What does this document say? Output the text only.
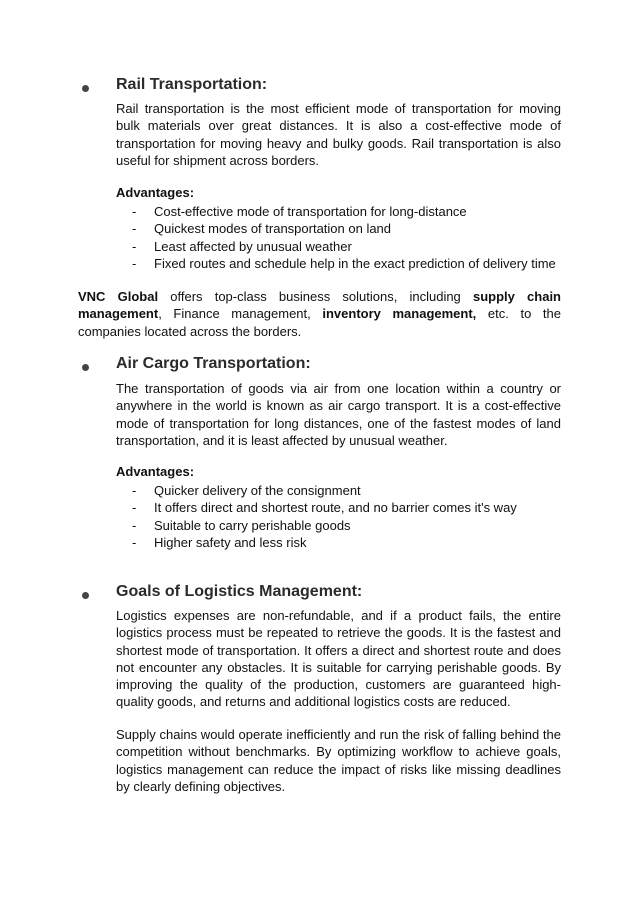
Rail Transportation:
Rail transportation is the most efficient mode of transportation for moving bulk materials over great distances. It is also a cost-effective mode of transportation for moving heavy and bulky goods. Rail transportation is also useful for shipment across borders.
Advantages:
- Cost-effective mode of transportation for long-distance
- Quickest modes of transportation on land
- Least affected by unusual weather
- Fixed routes and schedule help in the exact prediction of delivery time
VNC Global offers top-class business solutions, including supply chain management, Finance management, inventory management, etc. to the companies located across the borders.
Air Cargo Transportation:
The transportation of goods via air from one location within a country or anywhere in the world is known as air cargo transport. It is a cost-effective mode of transportation for long distances, one of the fastest modes of land transportation, and it is least affected by unusual weather.
Advantages:
- Quicker delivery of the consignment
- It offers direct and shortest route, and no barrier comes it's way
- Suitable to carry perishable goods
- Higher safety and less risk
Goals of Logistics Management:
Logistics expenses are non-refundable, and if a product fails, the entire logistics process must be repeated to retrieve the goods. It is the fastest and shortest mode of transportation. It offers a direct and shortest route and does not encounter any obstacles. It is suitable for carrying perishable goods. By improving the quality of the production, customers are guaranteed high-quality goods, and returns and additional logistics costs are reduced.
Supply chains would operate inefficiently and run the risk of falling behind the competition without benchmarks. By optimizing workflow to achieve goals, logistics management can reduce the impact of risks like missing deadlines by clearly defining objectives.
